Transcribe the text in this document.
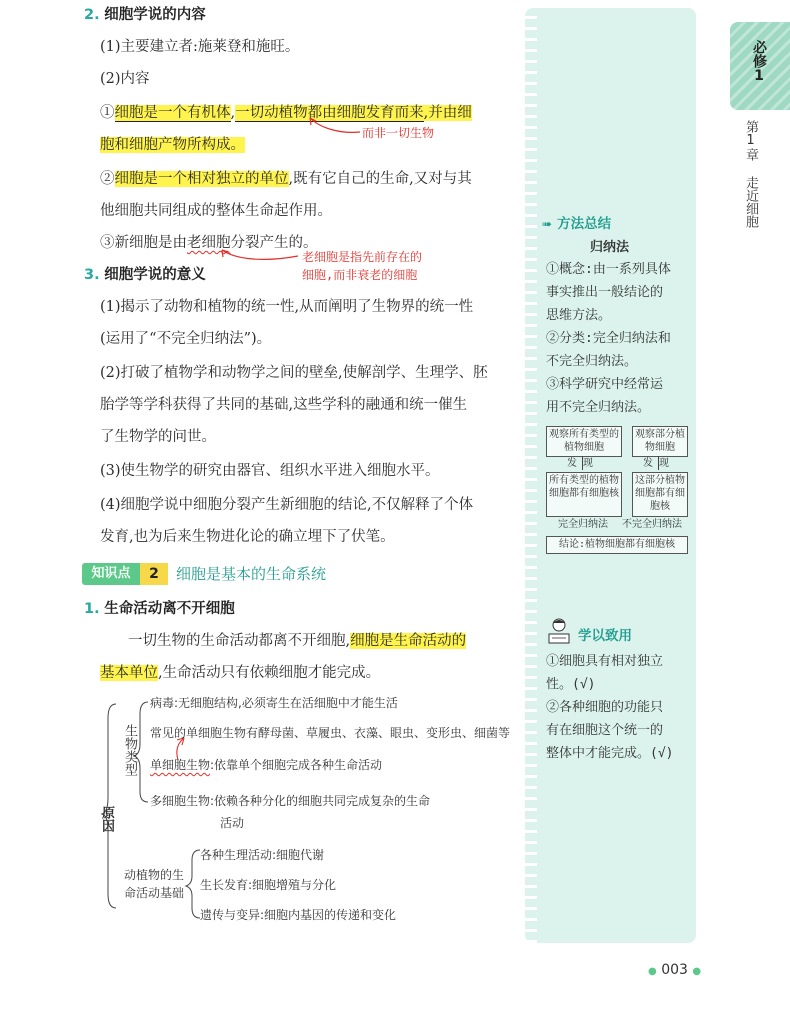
2. 细胞学说的内容
(1)主要建立者:施莱登和施旺。
(2)内容
①细胞是一个有机体,一切动植物都由细胞发育而来,并由细
胞和细胞产物所构成。
而非一切生物
②细胞是一个相对独立的单位,既有它自己的生命,又对与其
他细胞共同组成的整体生命起作用。
③新细胞是由老细胞分裂产生的。
老细胞是指先前存在的
细胞,而非衰老的细胞
3. 细胞学说的意义
(1)揭示了动物和植物的统一性,从而阐明了生物界的统一性
(运用了“不完全归纳法”)。
(2)打破了植物学和动物学之间的壁垒,使解剖学、生理学、胚
胎学等学科获得了共同的基础,这些学科的融通和统一催生
了生物学的问世。
(3)使生物学的研究由器官、组织水平进入细胞水平。
(4)细胞学说中细胞分裂产生新细胞的结论,不仅解释了个体
发育,也为后来生物进化论的确立埋下了伏笔。
知识点	2	细胞是基本的生命系统
1. 生命活动离不开细胞
一切生物的生命活动都离不开细胞,细胞是生命活动的
基本单位,生命活动只有依赖细胞才能完成。
原因
生物类型
病毒:无细胞结构,必须寄生在活细胞中才能生活
常见的单细胞生物有酵母菌、草履虫、衣藻、眼虫、变形虫、细菌等
单细胞生物:依靠单个细胞完成各种生命活动
多细胞生物:依赖各种分化的细胞共同完成复杂的生命
活动
动植物的生
命活动基础
各种生理活动:细胞代谢
生长发育:细胞增殖与分化
遗传与变异:细胞内基因的传递和变化
➠ 方法总结
归纳法
①概念:由一系列具体
事实推出一般结论的
思维方法。
②分类:完全归纳法和
不完全归纳法。
③科学研究中经常运
用不完全归纳法。
观察所有类型的植物细胞
观察部分植物细胞
发现	发现
所有类型的植物细胞都有细胞核
这部分植物细胞都有细胞核
完全归纳法	不完全归纳法
结论:植物细胞都有细胞核
学以致用
①细胞具有相对独立
性。(√)
②各种细胞的功能只
有在细胞这个统一的
整体中才能完成。(√)
必修
1
第1章
走近细胞
● 003 ●
